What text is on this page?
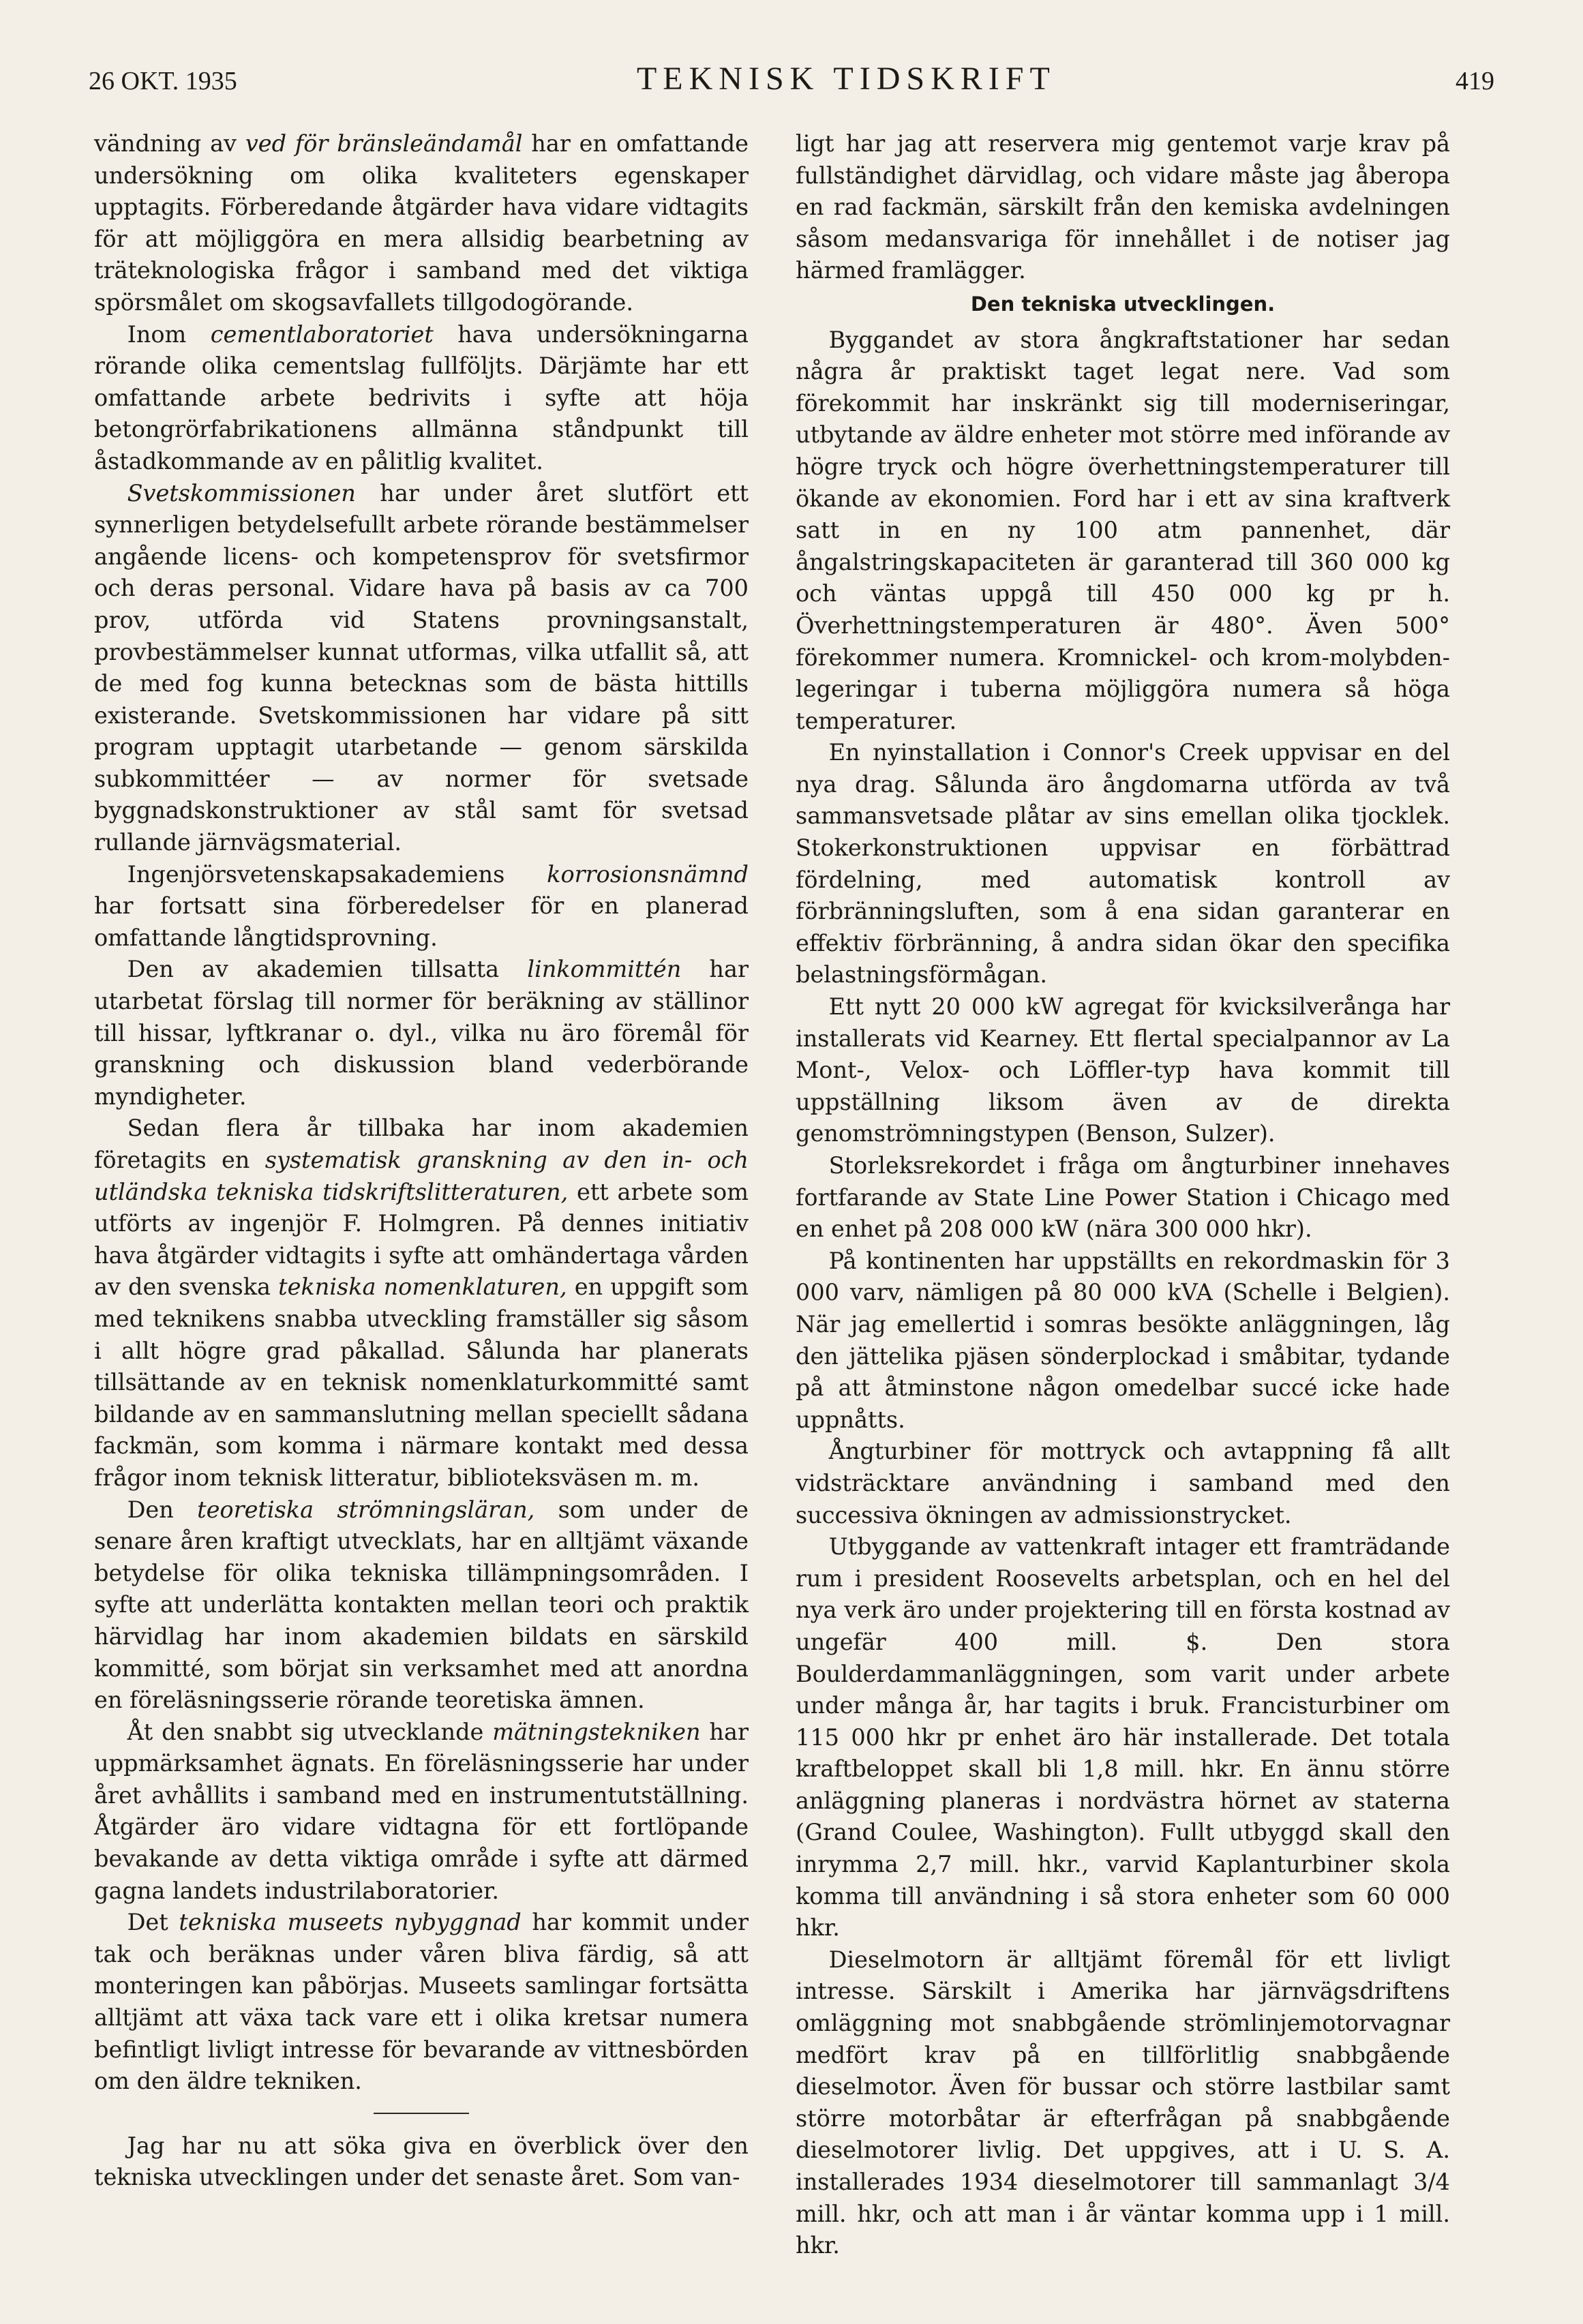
26 OKT. 1935	TEKNISK TIDSKRIFT	419

vändning av ved för bränsleändamål har en omfattande undersökning om olika kvaliteters egenskaper upptagits. Förberedande åtgärder hava vidare vidtagits för att möjliggöra en mera allsidig bearbetning av träteknologiska frågor i samband med det viktiga spörsmålet om skogsavfallets tillgodogörande.

Inom cementlaboratoriet hava undersökningarna rörande olika cementslag fullföljts. Därjämte har ett omfattande arbete bedrivits i syfte att höja betongrörfabrikationens allmänna ståndpunkt till åstadkommande av en pålitlig kvalitet.

Svetskommissionen har under året slutfört ett synnerligen betydelsefullt arbete rörande bestämmelser angående licens- och kompetensprov för svetsfirmor och deras personal. Vidare hava på basis av ca 700 prov, utförda vid Statens provningsanstalt, provbestämmelser kunnat utformas, vilka utfallit så, att de med fog kunna betecknas som de bästa hittills existerande. Svetskommissionen har vidare på sitt program upptagit utarbetande — genom särskilda subkommittéer — av normer för svetsade byggnadskonstruktioner av stål samt för svetsad rullande järnvägsmaterial.

Ingenjörsvetenskapsakademiens korrosionsnämnd har fortsatt sina förberedelser för en planerad omfattande långtidsprovning.

Den av akademien tillsatta linkommittén har utarbetat förslag till normer för beräkning av ställinor till hissar, lyftkranar o. dyl., vilka nu äro föremål för granskning och diskussion bland vederbörande myndigheter.

Sedan flera år tillbaka har inom akademien företagits en systematisk granskning av den in- och utländska tekniska tidskriftslitteraturen, ett arbete som utförts av ingenjör F. Holmgren. På dennes initiativ hava åtgärder vidtagits i syfte att omhändertaga vården av den svenska tekniska nomenklaturen, en uppgift som med teknikens snabba utveckling framställer sig såsom i allt högre grad påkallad. Sålunda har planerats tillsättande av en teknisk nomenklaturkommitté samt bildande av en sammanslutning mellan speciellt sådana fackmän, som komma i närmare kontakt med dessa frågor inom teknisk litteratur, biblioteksväsen m. m.

Den teoretiska strömningsläran, som under de senare åren kraftigt utvecklats, har en alltjämt växande betydelse för olika tekniska tillämpningsområden. I syfte att underlätta kontakten mellan teori och praktik härvidlag har inom akademien bildats en särskild kommitté, som börjat sin verksamhet med att anordna en föreläsningsserie rörande teoretiska ämnen.

Åt den snabbt sig utvecklande mätningstekniken har uppmärksamhet ägnats. En föreläsningsserie har under året avhållits i samband med en instrumentutställning. Åtgärder äro vidare vidtagna för ett fortlöpande bevakande av detta viktiga område i syfte att därmed gagna landets industrilaboratorier.

Det tekniska museets nybyggnad har kommit under tak och beräknas under våren bliva färdig, så att monteringen kan påbörjas. Museets samlingar fortsätta alltjämt att växa tack vare ett i olika kretsar numera befintligt livligt intresse för bevarande av vittnesbörden om den äldre tekniken.

Jag har nu att söka giva en överblick över den tekniska utvecklingen under det senaste året. Som van-

ligt har jag att reservera mig gentemot varje krav på fullständighet därvidlag, och vidare måste jag åberopa en rad fackmän, särskilt från den kemiska avdelningen såsom medansvariga för innehållet i de notiser jag härmed framlägger.

Den tekniska utvecklingen.

Byggandet av stora ångkraftstationer har sedan några år praktiskt taget legat nere. Vad som förekommit har inskränkt sig till moderniseringar, utbytande av äldre enheter mot större med införande av högre tryck och högre överhettningstemperaturer till ökande av ekonomien. Ford har i ett av sina kraftverk satt in en ny 100 atm pannenhet, där ångalstringskapaciteten är garanterad till 360 000 kg och väntas uppgå till 450 000 kg pr h. Överhettningstemperaturen är 480°. Även 500° förekommer numera. Kromnickel- och krom-molybden-legeringar i tuberna möjliggöra numera så höga temperaturer.

En nyinstallation i Connor's Creek uppvisar en del nya drag. Sålunda äro ångdomarna utförda av två sammansvetsade plåtar av sins emellan olika tjocklek. Stokerkonstruktionen uppvisar en förbättrad fördelning, med automatisk kontroll av förbränningsluften, som å ena sidan garanterar en effektiv förbränning, å andra sidan ökar den specifika belastningsförmågan.

Ett nytt 20 000 kW agregat för kvicksilverånga har installerats vid Kearney. Ett flertal specialpannor av La Mont-, Velox- och Löffler-typ hava kommit till uppställning liksom även av de direkta genomströmningstypen (Benson, Sulzer).

Storleksrekordet i fråga om ångturbiner innehaves fortfarande av State Line Power Station i Chicago med en enhet på 208 000 kW (nära 300 000 hkr).

På kontinenten har uppställts en rekordmaskin för 3 000 varv, nämligen på 80 000 kVA (Schelle i Belgien). När jag emellertid i somras besökte anläggningen, låg den jättelika pjäsen sönderplockad i småbitar, tydande på att åtminstone någon omedelbar succé icke hade uppnåtts.

Ångturbiner för mottryck och avtappning få allt vidsträcktare användning i samband med den successiva ökningen av admissionstrycket.

Utbyggande av vattenkraft intager ett framträdande rum i president Roosevelts arbetsplan, och en hel del nya verk äro under projektering till en första kostnad av ungefär 400 mill. $. Den stora Boulderdammanläggningen, som varit under arbete under många år, har tagits i bruk. Francisturbiner om 115 000 hkr pr enhet äro här installerade. Det totala kraftbeloppet skall bli 1,8 mill. hkr. En ännu större anläggning planeras i nordvästra hörnet av staterna (Grand Coulee, Washington). Fullt utbyggd skall den inrymma 2,7 mill. hkr., varvid Kaplanturbiner skola komma till användning i så stora enheter som 60 000 hkr.

Dieselmotorn är alltjämt föremål för ett livligt intresse. Särskilt i Amerika har järnvägsdriftens omläggning mot snabbgående strömlinjemotorvagnar medfört krav på en tillförlitlig snabbgående dieselmotor. Även för bussar och större lastbilar samt större motorbåtar är efterfrågan på snabbgående dieselmotorer livlig. Det uppgives, att i U. S. A. installerades 1934 dieselmotorer till sammanlagt 3/4 mill. hkr, och att man i år väntar komma upp i 1 mill. hkr.
